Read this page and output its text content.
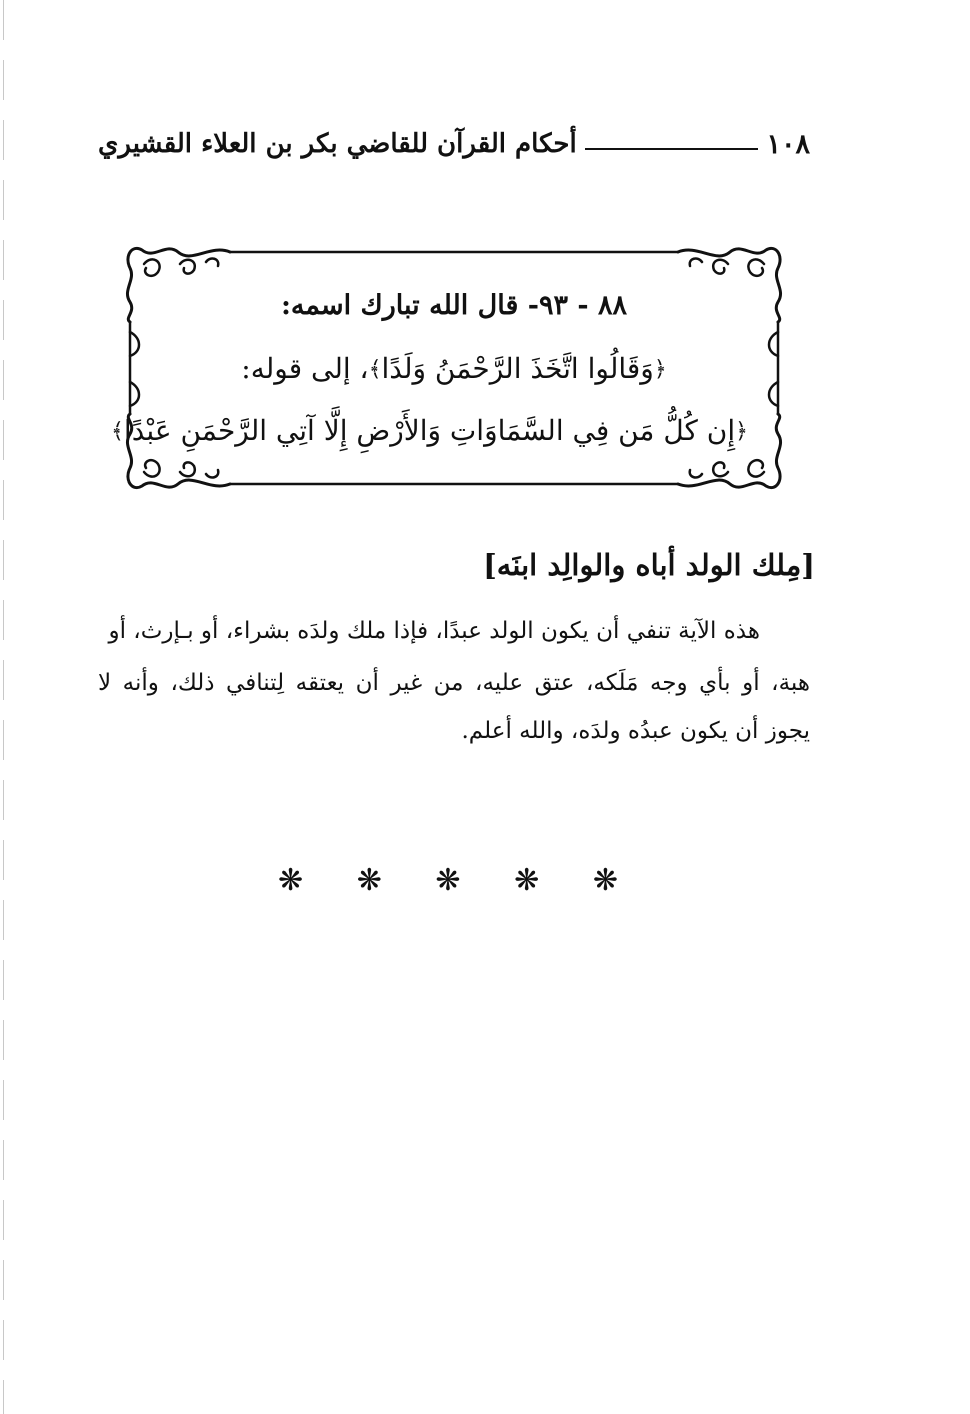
١٠٨
أحكام القرآن للقاضي بكر بن العلاء القشيري
٨٨ - ٩٣- قال الله تبارك اسمه:
﴿وَقَالُوا اتَّخَذَ الرَّحْمَنُ وَلَدًا﴾، إلى قوله:
﴿إِن كُلُّ مَن فِي السَّمَاوَاتِ وَالأَرْضِ إِلَّا آتِي الرَّحْمَنِ عَبْدًا﴾
[مِلك الولد أباه والوالِد ابنَه]
هذه الآية تنفي أن يكون الولد عبدًا، فإذا ملك ولدَه بشراء، أو بـإرث، أو
هبة، أو بأي وجه مَلَكه، عتق عليه، من غير أن يعتقه لِتنافي ذلك، وأنه لا
يجوز أن يكون عبدُه ولدَه، والله أعلم.
❋ ❋ ❋ ❋ ❋
